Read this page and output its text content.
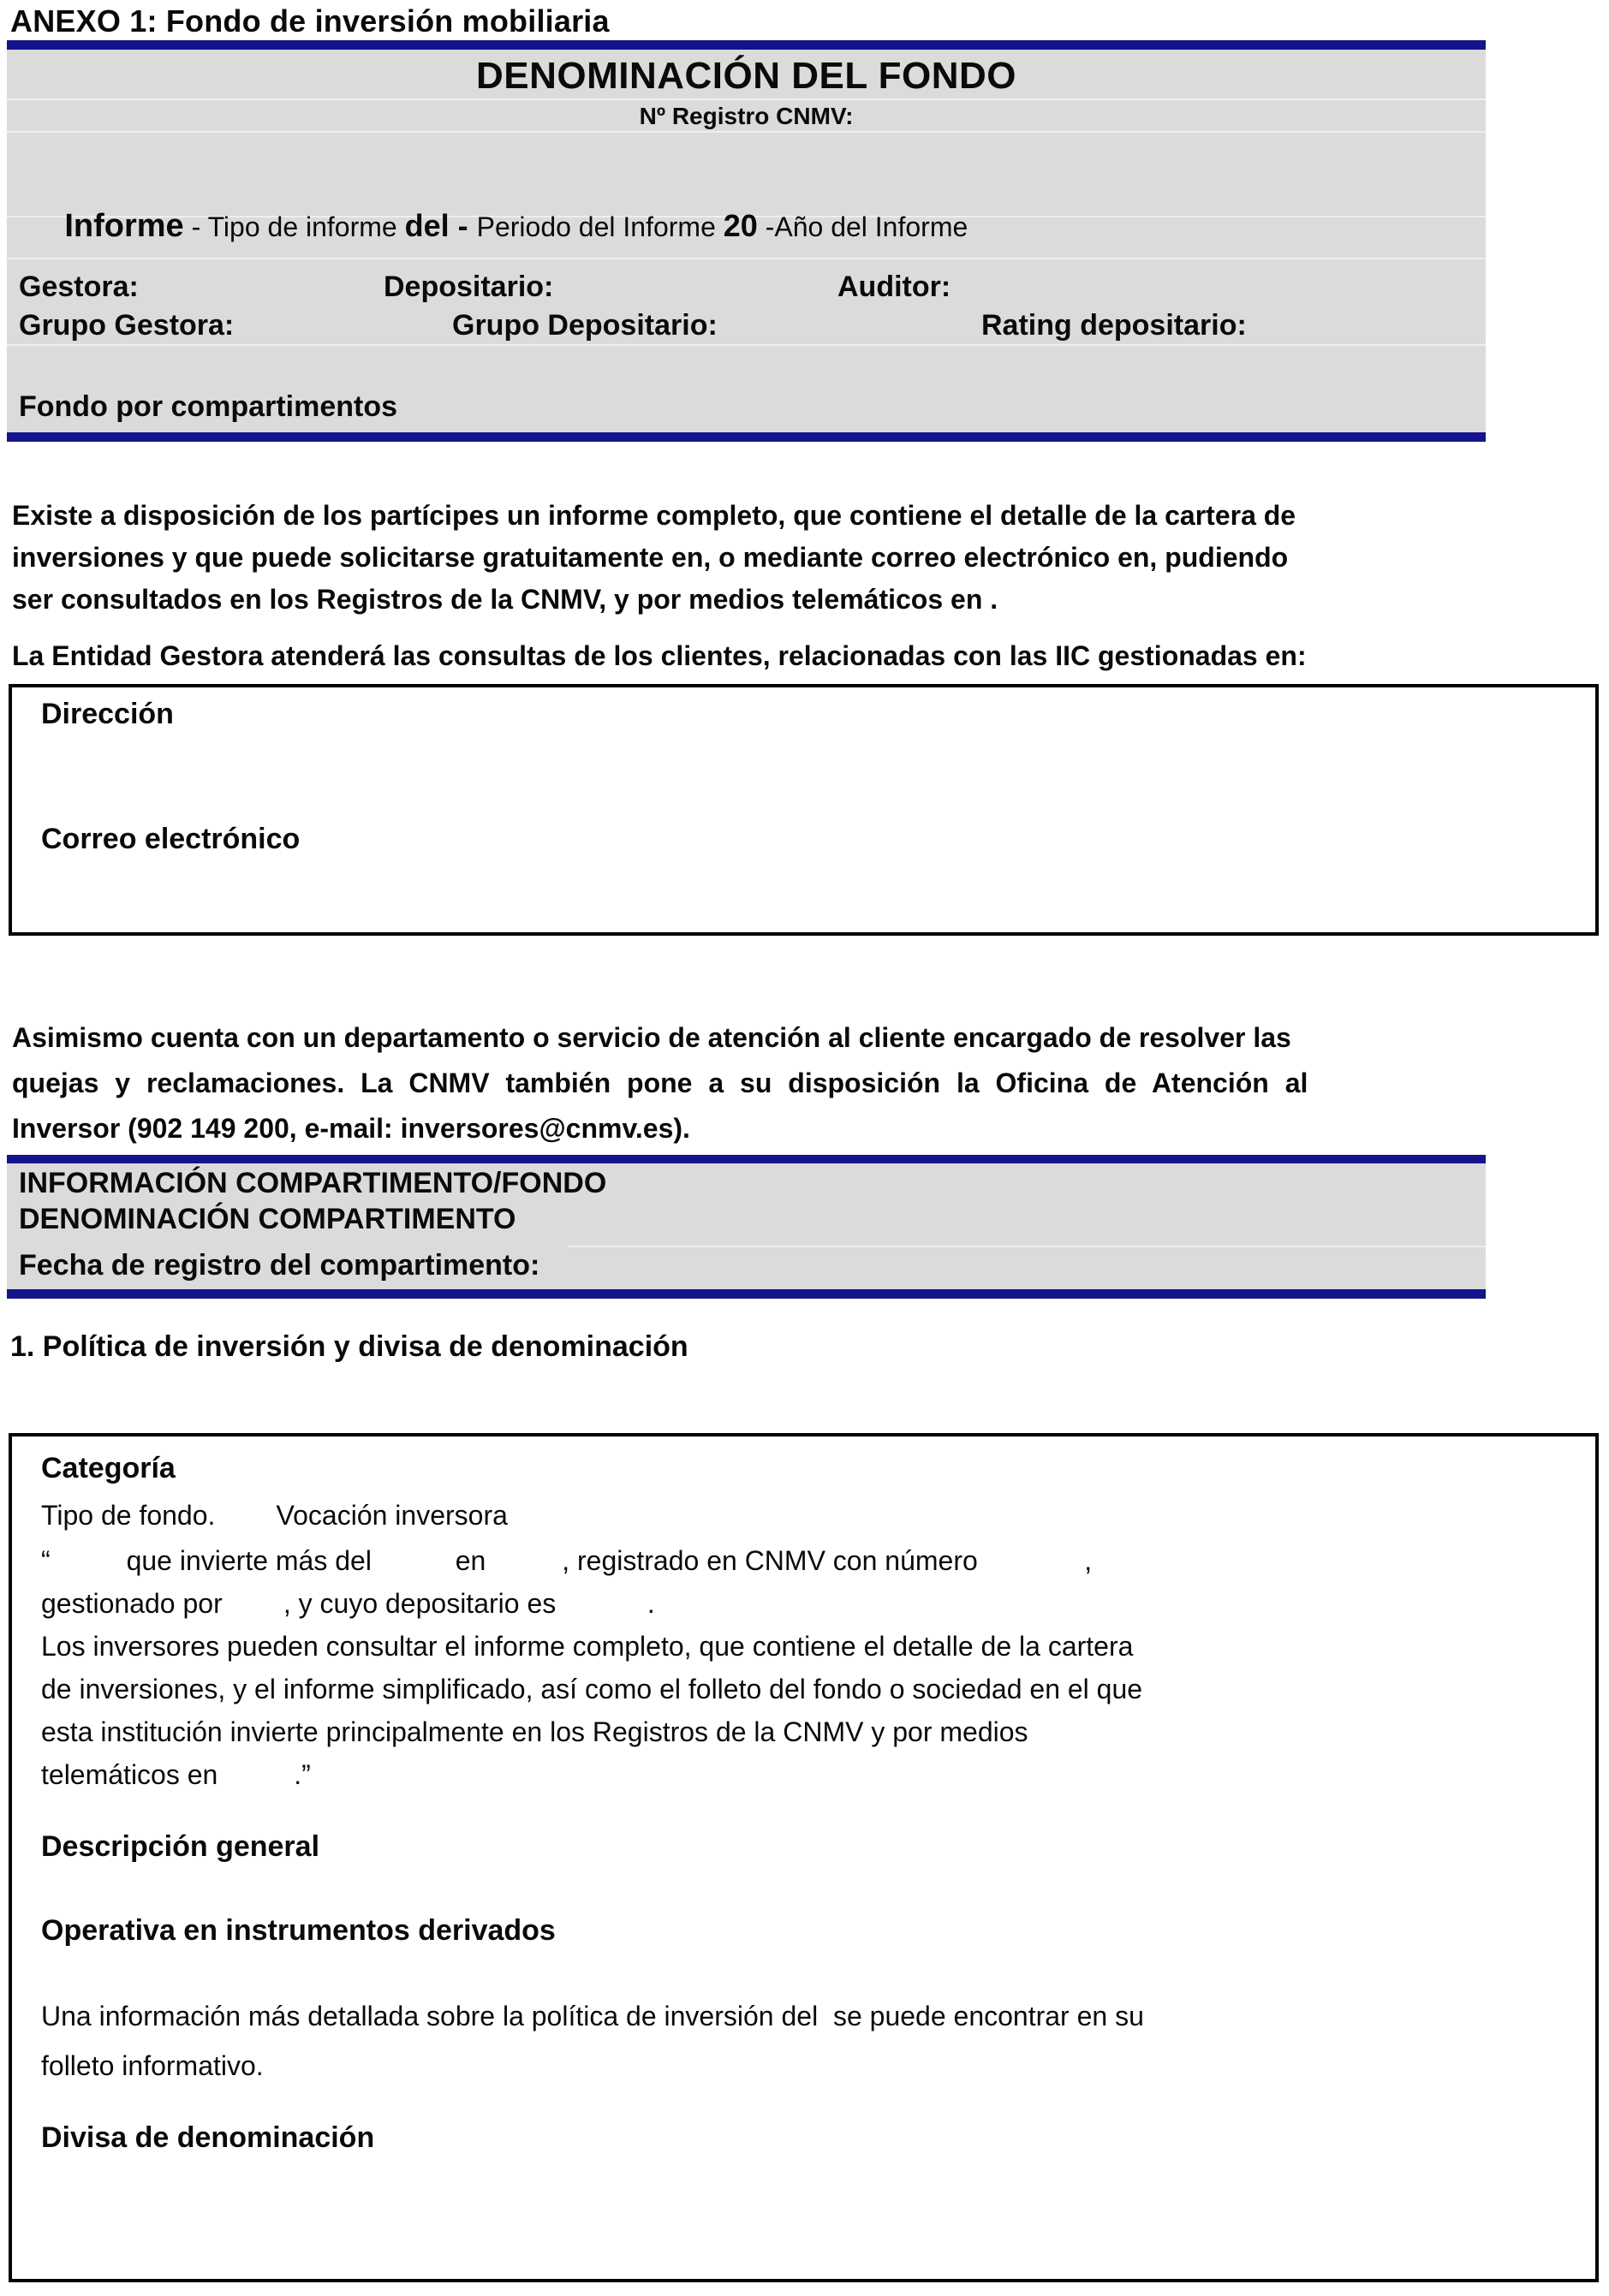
ANEXO 1: Fondo de inversión mobiliaria
DENOMINACIÓN DEL FONDO
Nº Registro CNMV:

Informe - Tipo de informe del - Periodo del Informe 20 -Año del Informe

Gestora:	Depositario:	Auditor:
Grupo Gestora:	Grupo Depositario:	Rating depositario:
Fondo por compartimentos
Existe a disposición de los partícipes un informe completo, que contiene el detalle de la cartera de
inversiones y que puede solicitarse gratuitamente en, o mediante correo electrónico en, pudiendo
ser consultados en los Registros de la CNMV, y por medios telemáticos en .
La Entidad Gestora atenderá las consultas de los clientes, relacionadas con las IIC gestionadas en:
Dirección
Correo electrónico
Asimismo cuenta con un departamento o servicio de atención al cliente encargado de resolver las
quejas y reclamaciones. La CNMV también pone a su disposición la Oficina de Atención al
Inversor (902 149 200, e-mail: inversores@cnmv.es).
INFORMACIÓN COMPARTIMENTO/FONDO
DENOMINACIÓN COMPARTIMENTO
Fecha de registro del compartimento:
1. Política de inversión y divisa de denominación
Categoría
Tipo de fondo.        Vocación inversora
“          que invierte más del           en          , registrado en CNMV con número              ,
gestionado por        , y cuyo depositario es            .
Los inversores pueden consultar el informe completo, que contiene el detalle de la cartera
de inversiones, y el informe simplificado, así como el folleto del fondo o sociedad en el que
esta institución invierte principalmente en los Registros de la CNMV y por medios
telemáticos en          .”
Descripción general
Operativa en instrumentos derivados
Una información más detallada sobre la política de inversión del  se puede encontrar en su
folleto informativo.
Divisa de denominación
